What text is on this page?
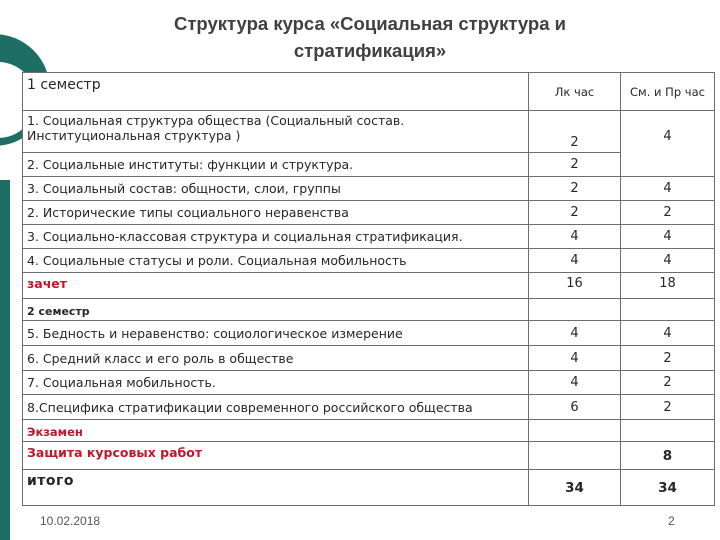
Структура курса «Социальная структура и
стратификация»
10.02.2018	2
1 семестр	Лк час	См. и Пр час
1. Социальная структура общества (Социальный состав. Институциональная структура )	2	4
2. Социальные институты: функции и структура.	2	
3. Социальный состав: общности, слои, группы	2	4
2. Исторические типы социального неравенства	2	2
3. Социально-классовая структура и социальная стратификация.	4	4
4. Социальные статусы и роли. Социальная мобильность	4	4
зачет	16	18
2 семестр		
5. Бедность и неравенство: социологическое измерение	4	4
6. Средний класс и его роль в обществе	4	2
7. Социальная мобильность.	4	2
8.Специфика стратификации современного российского общества	6	2
Экзамен		
Защита курсовых работ		8
итого	34	34
